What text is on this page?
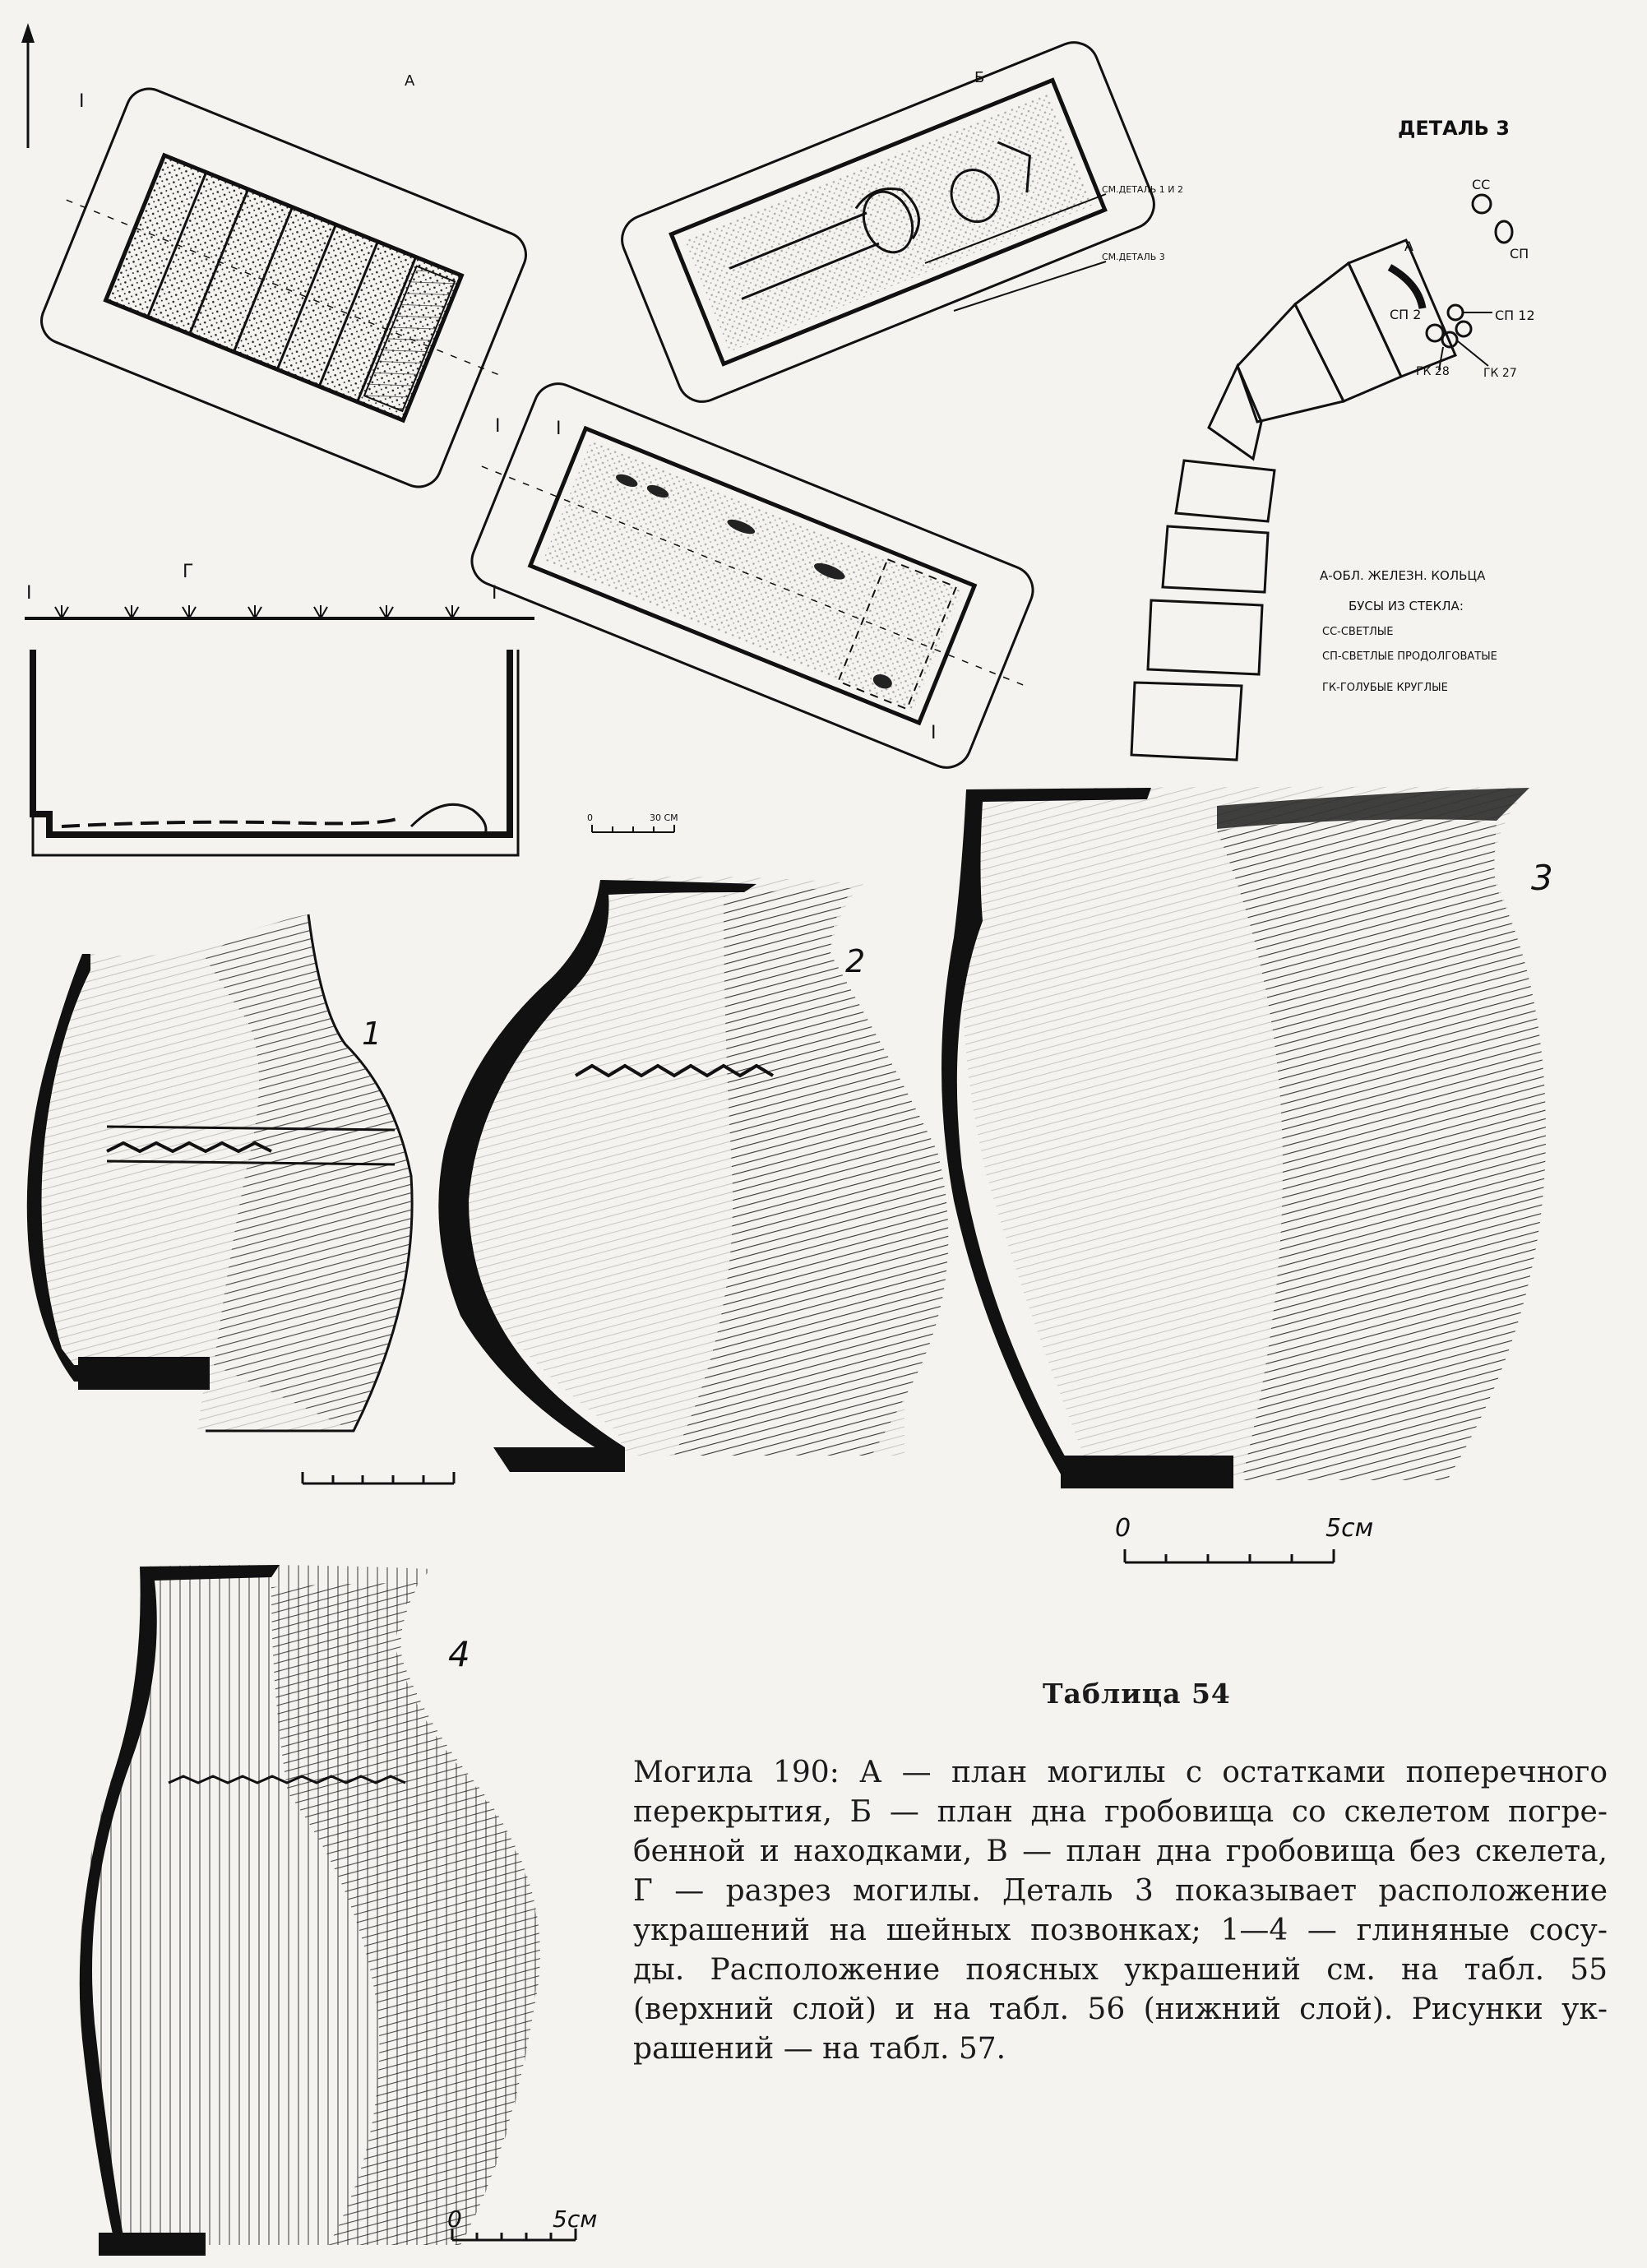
I
I
А	Б
СМ.ДЕТАЛЬ 1 И 2
СМ.ДЕТАЛЬ 3
I
I
0	30 СМ
Г
I	I
ДЕТАЛЬ 3
СС
СП
А
СП 2	СП 12
ГК 28	ГК 27
А-ОБЛ. ЖЕЛЕЗН. КОЛЬЦА
БУСЫ ИЗ СТЕКЛА:
СС-СВЕТЛЫЕ
СП-СВЕТЛЫЕ ПРОДОЛГОВАТЫЕ
ГК-ГОЛУБЫЕ КРУГЛЫЕ
1
2
3
0	5см
4
0	5см
Таблица 54
Могила 190: А — план могилы с остатками поперечного
перекрытия, Б — план дна гробовища со скелетом погре-
бенной и находками, В — план дна гробовища без скелета,
Г — разрез могилы. Деталь 3 показывает расположение
украшений на шейных позвонках; 1—4 — глиняные сосу-
ды. Расположение поясных украшений см. на табл. 55
(верхний слой) и на табл. 56 (нижний слой). Рисунки ук-
рашений — на табл. 57.
